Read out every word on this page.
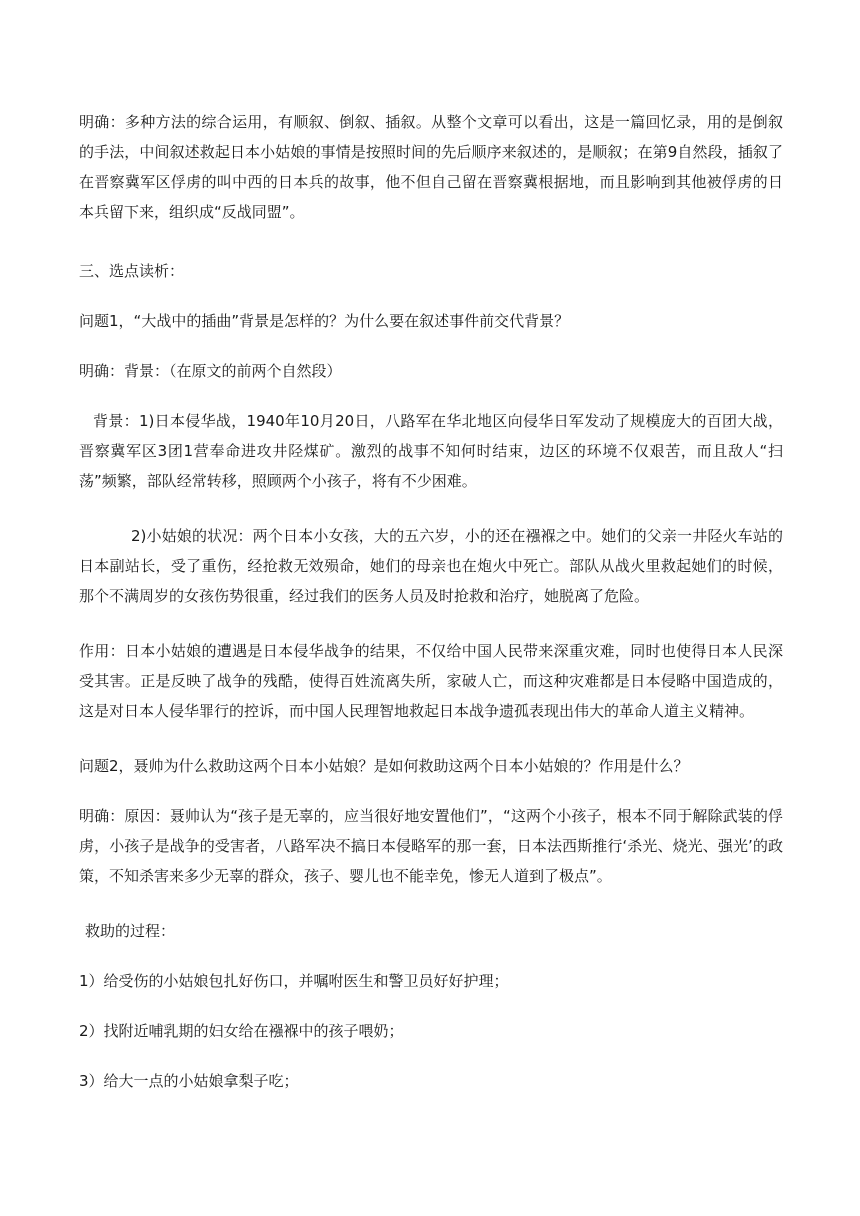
明确：多种方法的综合运用，有顺叙、倒叙、插叙。从整个文章可以看出，这是一篇回忆录，用的是倒叙的手法，中间叙述救起日本小姑娘的事情是按照时间的先后顺序来叙述的，是顺叙；在第9自然段，插叙了在晋察冀军区俘虏的叫中西的日本兵的故事，他不但自己留在晋察冀根据地，而且影响到其他被俘虏的日本兵留下来，组织成“反战同盟”。

三、选点读析：

问题1，“大战中的插曲”背景是怎样的？为什么要在叙述事件前交代背景？

明确：背景：（在原文的前两个自然段）

背景：1)日本侵华战，1940年10月20日，八路军在华北地区向侵华日军发动了规模庞大的百团大战，晋察冀军区3团1营奉命进攻井陉煤矿。激烈的战事不知何时结束，边区的环境不仅艰苦，而且敌人“扫荡”频繁，部队经常转移，照顾两个小孩子，将有不少困难。

2)小姑娘的状况：两个日本小女孩，大的五六岁，小的还在襁褓之中。她们的父亲一井陉火车站的日本副站长，受了重伤，经抢救无效殒命，她们的母亲也在炮火中死亡。部队从战火里救起她们的时候，那个不满周岁的女孩伤势很重，经过我们的医务人员及时抢救和治疗，她脱离了危险。

作用：日本小姑娘的遭遇是日本侵华战争的结果，不仅给中国人民带来深重灾难，同时也使得日本人民深受其害。正是反映了战争的残酷，使得百姓流离失所，家破人亡，而这种灾难都是日本侵略中国造成的，这是对日本人侵华罪行的控诉，而中国人民理智地救起日本战争遗孤表现出伟大的革命人道主义精神。

问题2，聂帅为什么救助这两个日本小姑娘？是如何救助这两个日本小姑娘的？作用是什么？

明确：原因：聂帅认为“孩子是无辜的，应当很好地安置他们”，“这两个小孩子，根本不同于解除武装的俘虏，小孩子是战争的受害者，八路军决不搞日本侵略军的那一套，日本法西斯推行‘杀光、烧光、强光’的政策，不知杀害来多少无辜的群众，孩子、婴儿也不能幸免，惨无人道到了极点”。

救助的过程：

1）给受伤的小姑娘包扎好伤口，并嘱咐医生和警卫员好好护理；

2）找附近哺乳期的妇女给在襁褓中的孩子喂奶；

3）给大一点的小姑娘拿梨子吃；
